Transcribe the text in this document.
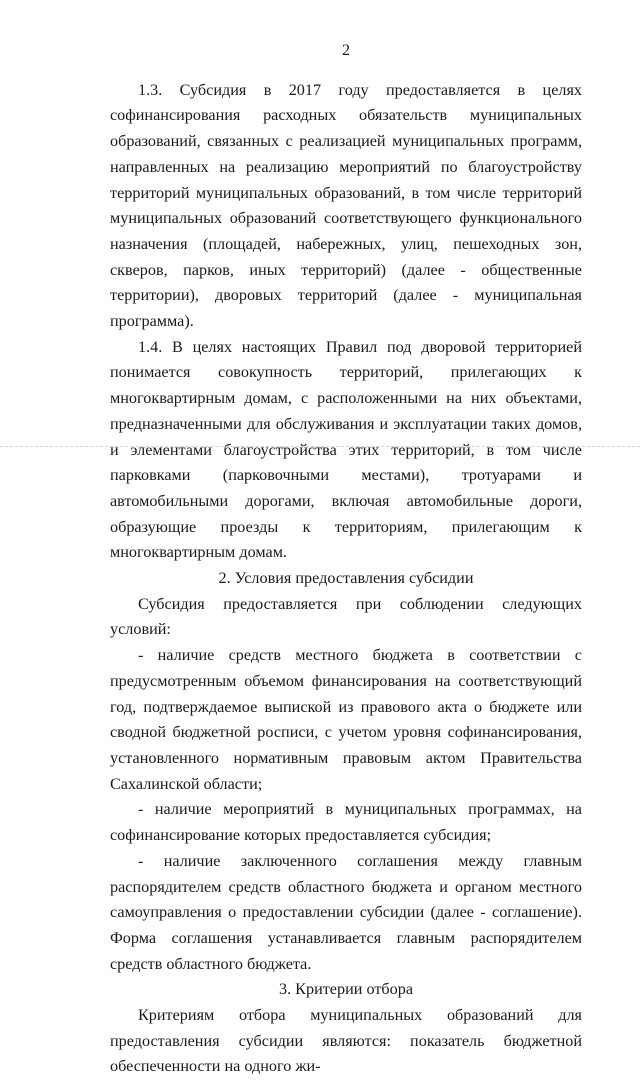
2

1.3. Субсидия в 2017 году предоставляется в целях софинансирования расходных обязательств муниципальных образований, связанных с реализацией муниципальных программ, направленных на реализацию мероприятий по благоустройству территорий муниципальных образований, в том числе территорий муниципальных образований соответствующего функционального назначения (площадей, набережных, улиц, пешеходных зон, скверов, парков, иных территорий) (далее - общественные территории), дворовых территорий (далее - муниципальная программа).

1.4. В целях настоящих Правил под дворовой территорией понимается совокупность территорий, прилегающих к многоквартирным домам, с расположенными на них объектами, предназначенными для обслуживания и эксплуатации таких домов, и элементами благоустройства этих территорий, в том числе парковками (парковочными местами), тротуарами и автомобильными дорогами, включая автомобильные дороги, образующие проезды к территориям, прилегающим к многоквартирным домам.

2. Условия предоставления субсидии

Субсидия предоставляется при соблюдении следующих условий:

- наличие средств местного бюджета в соответствии с предусмотренным объемом финансирования на соответствующий год, подтверждаемое выпиской из правового акта о бюджете или сводной бюджетной росписи, с учетом уровня софинансирования, установленного нормативным правовым актом Правительства Сахалинской области;

- наличие мероприятий в муниципальных программах, на софинансирование которых предоставляется субсидия;

- наличие заключенного соглашения между главным распорядителем средств областного бюджета и органом местного самоуправления о предоставлении субсидии (далее - соглашение). Форма соглашения устанавливается главным распорядителем средств областного бюджета.

3. Критерии отбора

Критериям отбора муниципальных образований для предоставления субсидии являются: показатель бюджетной обеспеченности на одного жи-
